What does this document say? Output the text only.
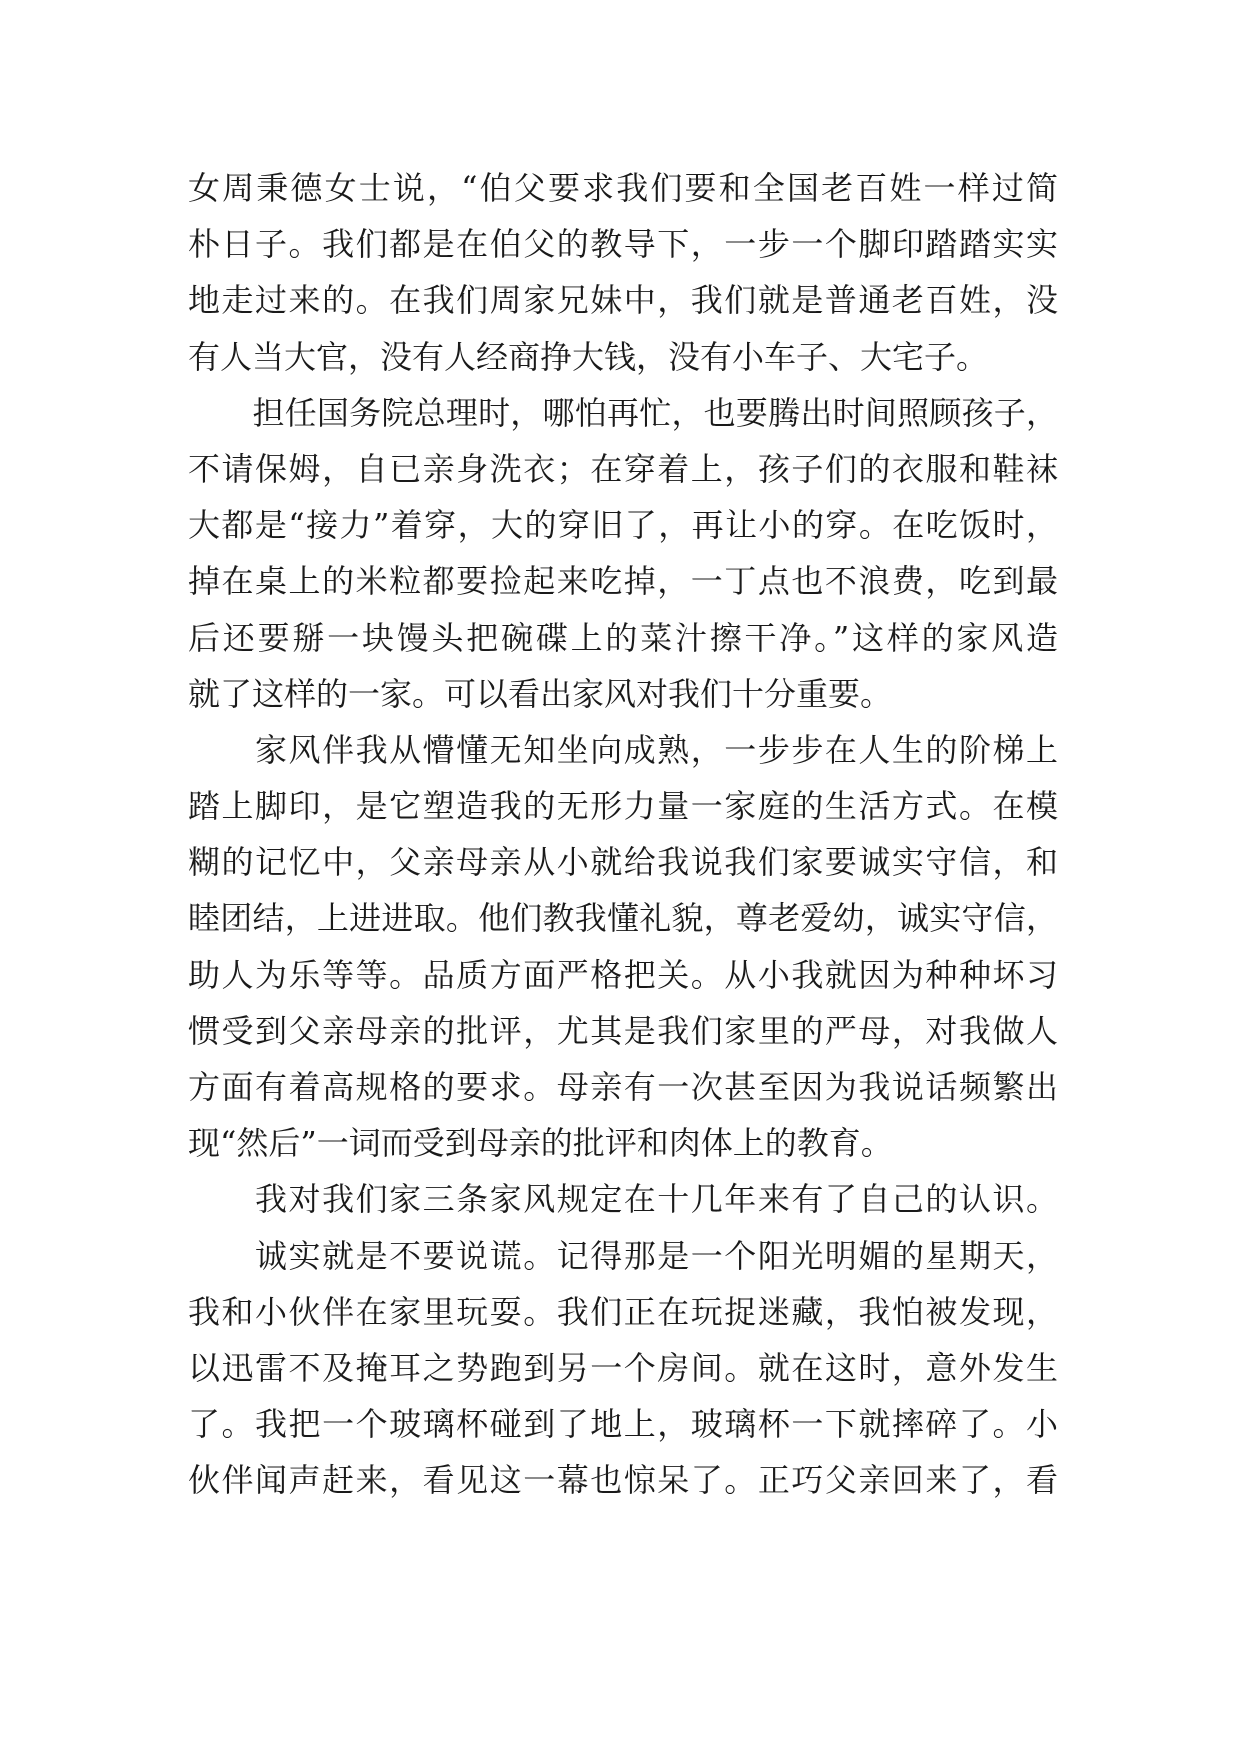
女周秉德女士说，“伯父要求我们要和全国老百姓一样过简
朴日子。我们都是在伯父的教导下，一步一个脚印踏踏实实
地走过来的。在我们周家兄妹中，我们就是普通老百姓，没
有人当大官，没有人经商挣大钱，没有小车子、大宅子。
　　担任国务院总理时，哪怕再忙，也要腾出时间照顾孩子，
不请保姆，自已亲身洗衣；在穿着上，孩子们的衣服和鞋袜
大都是“接力”着穿，大的穿旧了，再让小的穿。在吃饭时，
掉在桌上的米粒都要捡起来吃掉，一丁点也不浪费，吃到最
后还要掰一块馒头把碗碟上的菜汁擦干净。”这样的家风造
就了这样的一家。可以看出家风对我们十分重要。
　　家风伴我从懵懂无知坐向成熟，一步步在人生的阶梯上
踏上脚印，是它塑造我的无形力量一家庭的生活方式。在模
糊的记忆中，父亲母亲从小就给我说我们家要诚实守信，和
睦团结，上进进取。他们教我懂礼貌，尊老爱幼，诚实守信，
助人为乐等等。品质方面严格把关。从小我就因为种种坏习
惯受到父亲母亲的批评，尤其是我们家里的严母，对我做人
方面有着高规格的要求。母亲有一次甚至因为我说话频繁出
现“然后”一词而受到母亲的批评和肉体上的教育。
　　我对我们家三条家风规定在十几年来有了自己的认识。
　　诚实就是不要说谎。记得那是一个阳光明媚的星期天，
我和小伙伴在家里玩耍。我们正在玩捉迷藏，我怕被发现，
以迅雷不及掩耳之势跑到另一个房间。就在这时，意外发生
了。我把一个玻璃杯碰到了地上，玻璃杯一下就摔碎了。小
伙伴闻声赶来，看见这一幕也惊呆了。正巧父亲回来了，看
